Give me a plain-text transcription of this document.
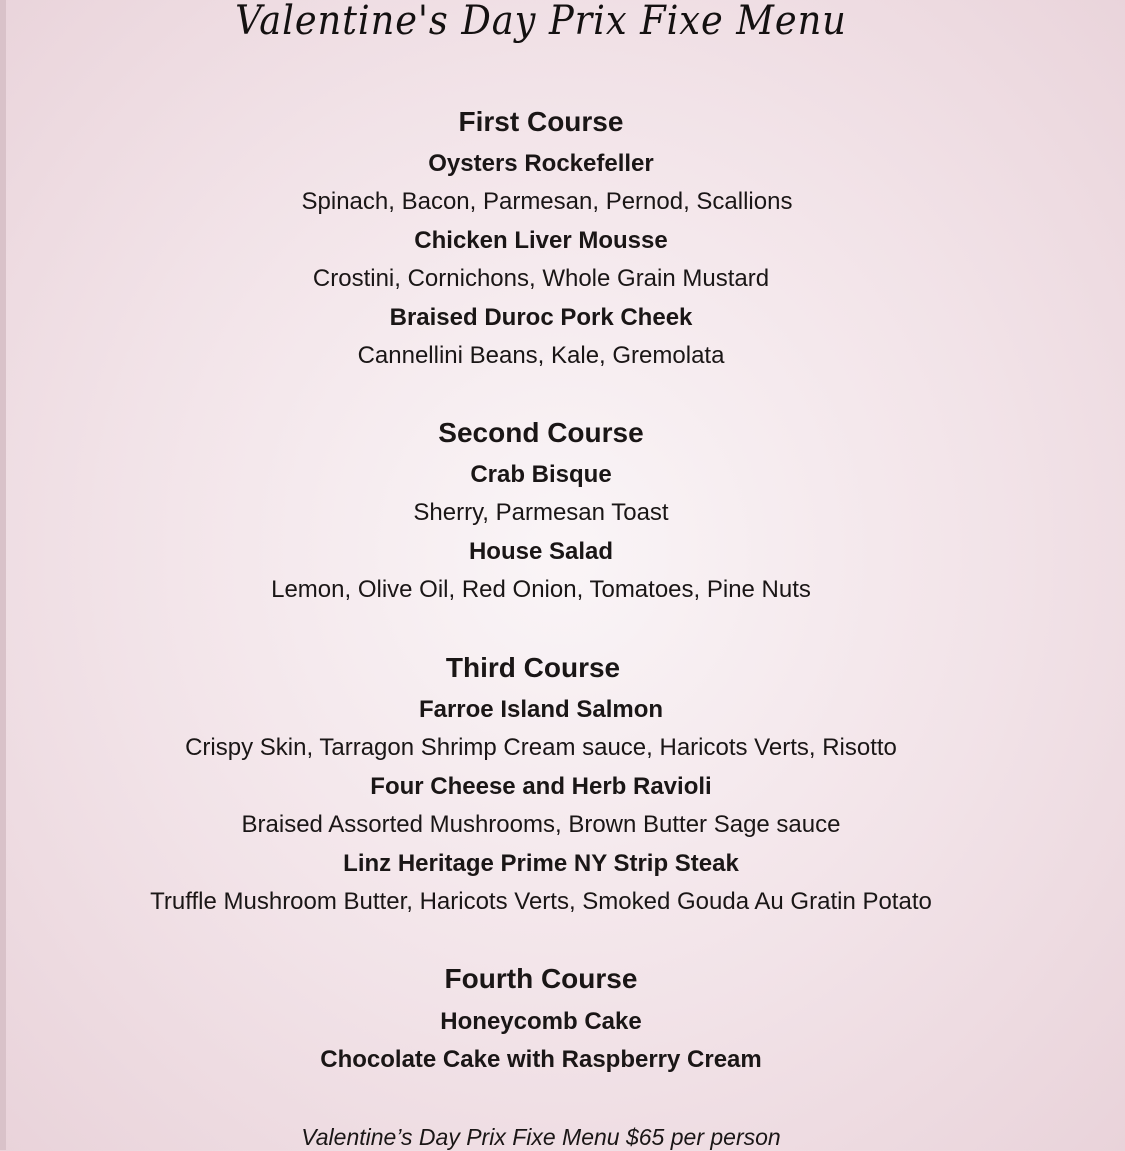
Valentine's Day Prix Fixe Menu
First Course
Oysters Rockefeller
Spinach, Bacon, Parmesan, Pernod, Scallions
Chicken Liver Mousse
Crostini, Cornichons, Whole Grain Mustard
Braised Duroc Pork Cheek
Cannellini Beans, Kale, Gremolata
Second Course
Crab Bisque
Sherry, Parmesan Toast
House Salad
Lemon, Olive Oil, Red Onion, Tomatoes, Pine Nuts
Third Course
Farroe Island Salmon
Crispy Skin, Tarragon Shrimp Cream sauce, Haricots Verts, Risotto
Four Cheese and Herb Ravioli
Braised Assorted Mushrooms, Brown Butter Sage sauce
Linz Heritage Prime NY Strip Steak
Truffle Mushroom Butter, Haricots Verts, Smoked Gouda Au Gratin Potato
Fourth Course
Honeycomb Cake
Chocolate Cake with Raspberry Cream
Valentine’s Day Prix Fixe Menu $65 per person
